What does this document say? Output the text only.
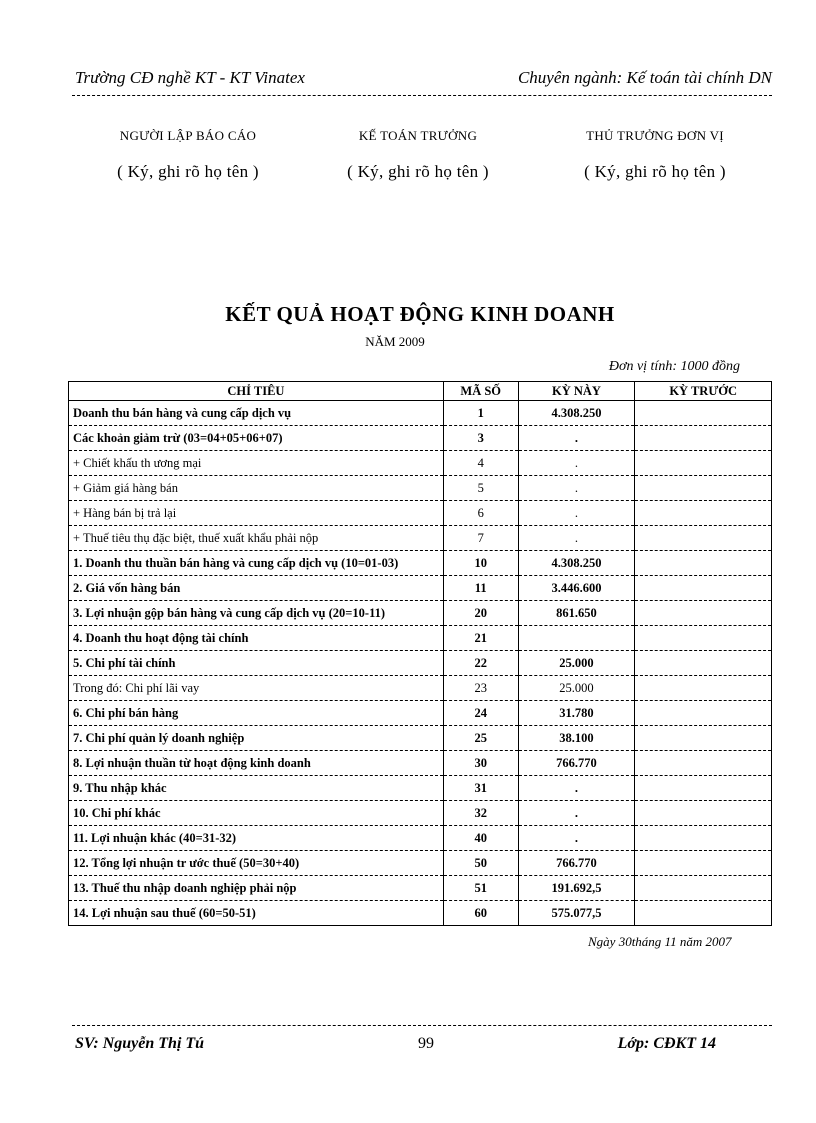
Trường CĐ nghề KT - KT Vinatex	Chuyên ngành: Kế toán tài chính DN
NGƯỜI LẬP BÁO CÁO
( Ký, ghi rõ họ tên )
KẾ TOÁN TRƯỞNG
( Ký, ghi rõ họ tên )
THỦ TRƯỞNG ĐƠN VỊ
( Ký, ghi rõ họ tên )
KẾT QUẢ HOẠT ĐỘNG KINH DOANH
NĂM 2009
Đơn vị tính: 1000 đồng
CHỈ TIÊU	MÃ SỐ	KỲ NÀY	KỲ TRƯỚC
Doanh thu bán hàng và cung cấp dịch vụ	1	4.308.250	
Các khoản giảm trừ (03=04+05+06+07)	3	.	
+ Chiết khấu th ương mại	4	.	
+ Giảm giá hàng bán	5	.	
+ Hàng bán bị trả lại	6	.	
+ Thuế tiêu thụ đặc biệt, thuế xuất khẩu phải nộp	7	.	
1. Doanh thu thuần bán hàng và cung cấp dịch vụ (10=01-03)	10	4.308.250	
2. Giá vốn hàng bán	11	3.446.600	
3. Lợi nhuận gộp bán hàng và cung cấp dịch vụ (20=10-11)	20	861.650	
4. Doanh thu hoạt động tài chính	21		
5. Chi phí tài chính	22	25.000	
Trong đó: Chi phí lãi vay	23	25.000	
6. Chi phí bán hàng	24	31.780	
7. Chi phí quản lý doanh nghiệp	25	38.100	
8. Lợi nhuận thuần từ hoạt động kinh doanh	30	766.770	
9. Thu nhập khác	31	.	
10. Chi phí khác	32	.	
11. Lợi nhuận khác (40=31-32)	40	.	
12. Tổng lợi nhuận tr ước thuế (50=30+40)	50	766.770	
13. Thuế thu nhập doanh nghiệp phải nộp	51	191.692,5	
14. Lợi nhuận sau thuế (60=50-51)	60	575.077,5	
Ngày 30tháng 11 năm 2007
SV: Nguyễn Thị Tú	99	Lớp: CĐKT 14
